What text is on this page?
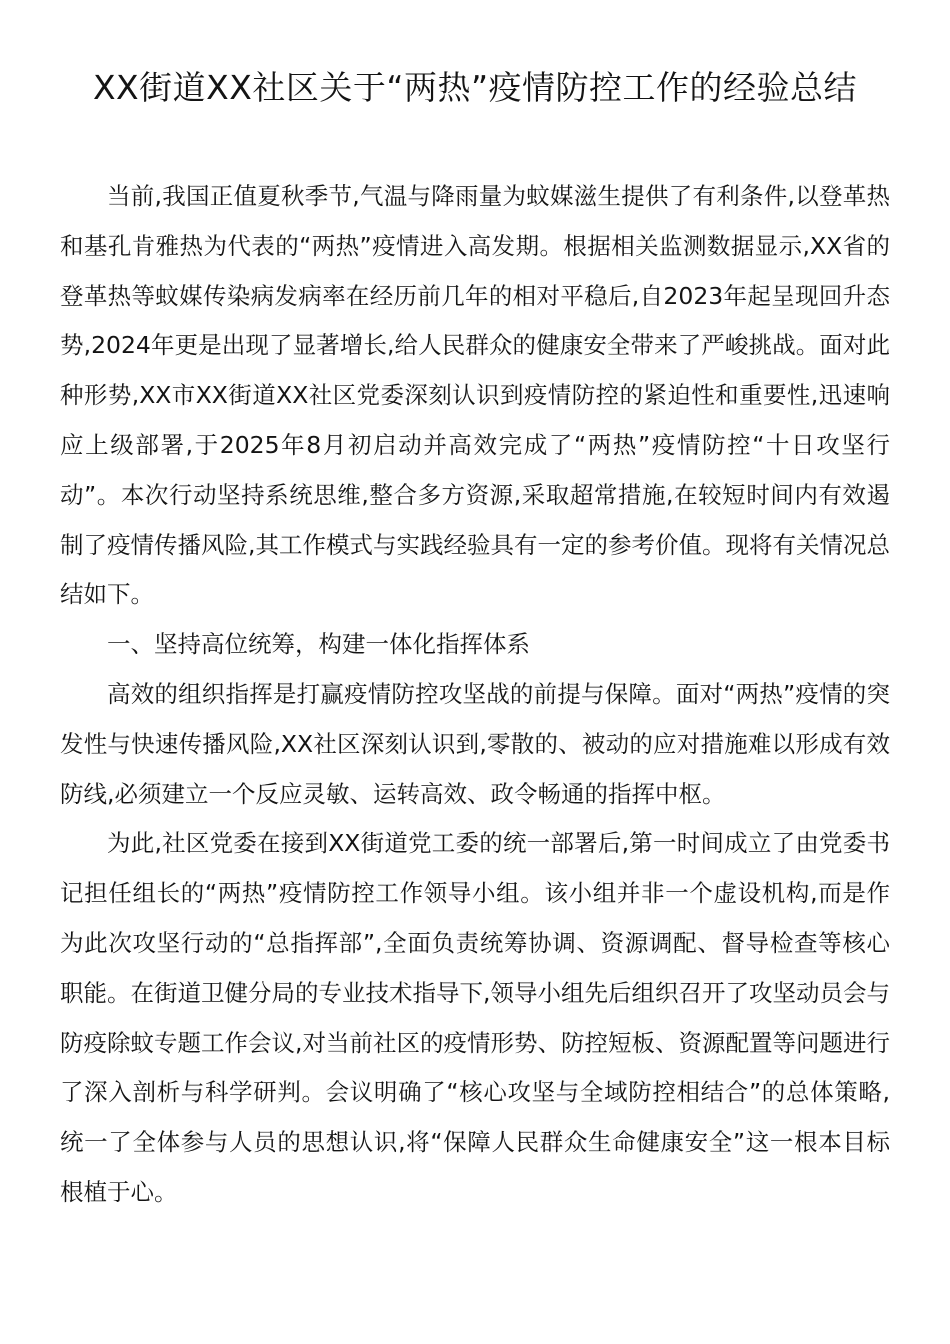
XX街道XX社区关于“两热”疫情防控工作的经验总结

当前,我国正值夏秋季节,气温与降雨量为蚊媒滋生提供了有利条件,以登革热和基孔肯雅热为代表的“两热”疫情进入高发期。根据相关监测数据显示,XX省的登革热等蚊媒传染病发病率在经历前几年的相对平稳后,自2023年起呈现回升态势,2024年更是出现了显著增长,给人民群众的健康安全带来了严峻挑战。面对此种形势,XX市XX街道XX社区党委深刻认识到疫情防控的紧迫性和重要性,迅速响应上级部署,于2025年8月初启动并高效完成了“两热”疫情防控“十日攻坚行动”。本次行动坚持系统思维,整合多方资源,采取超常措施,在较短时间内有效遏制了疫情传播风险,其工作模式与实践经验具有一定的参考价值。现将有关情况总结如下。

一、坚持高位统筹，构建一体化指挥体系

高效的组织指挥是打赢疫情防控攻坚战的前提与保障。面对“两热”疫情的突发性与快速传播风险,XX社区深刻认识到,零散的、被动的应对措施难以形成有效防线,必须建立一个反应灵敏、运转高效、政令畅通的指挥中枢。

为此,社区党委在接到XX街道党工委的统一部署后,第一时间成立了由党委书记担任组长的“两热”疫情防控工作领导小组。该小组并非一个虚设机构,而是作为此次攻坚行动的“总指挥部”,全面负责统筹协调、资源调配、督导检查等核心职能。在街道卫健分局的专业技术指导下,领导小组先后组织召开了攻坚动员会与防疫除蚊专题工作会议,对当前社区的疫情形势、防控短板、资源配置等问题进行了深入剖析与科学研判。会议明确了“核心攻坚与全域防控相结合”的总体策略,统一了全体参与人员的思想认识,将“保障人民群众生命健康安全”这一根本目标根植于心。
